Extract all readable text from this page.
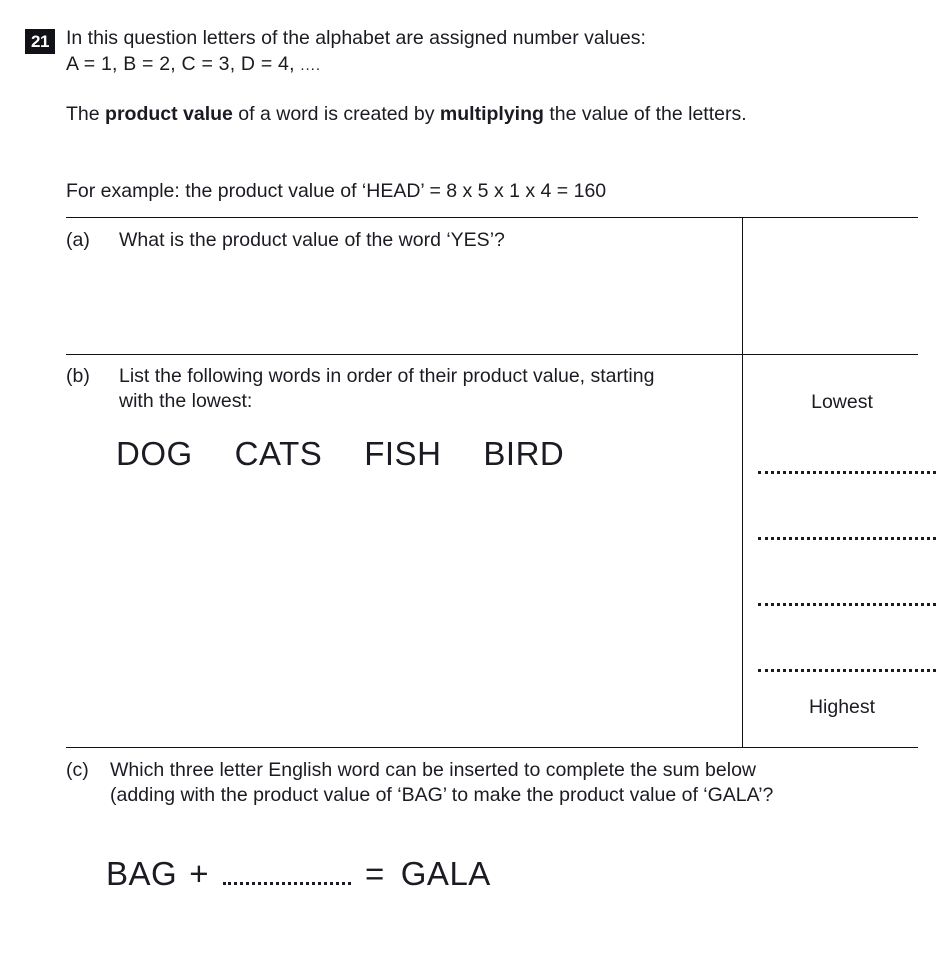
21 In this question letters of the alphabet are assigned number values:
A = 1, B = 2, C = 3, D = 4, ....
The product value of a word is created by multiplying the value of the letters.
For example: the product value of ‘HEAD’ = 8 x 5 x 1 x 4 = 160
(a) What is the product value of the word ‘YES’?
(b) List the following words in order of their product value, starting with the lowest:
DOG CATS FISH BIRD
Lowest
Highest
(c) Which three letter English word can be inserted to complete the sum below
(adding with the product value of ‘BAG’ to make the product value of ‘GALA’?
BAG +	= GALA
